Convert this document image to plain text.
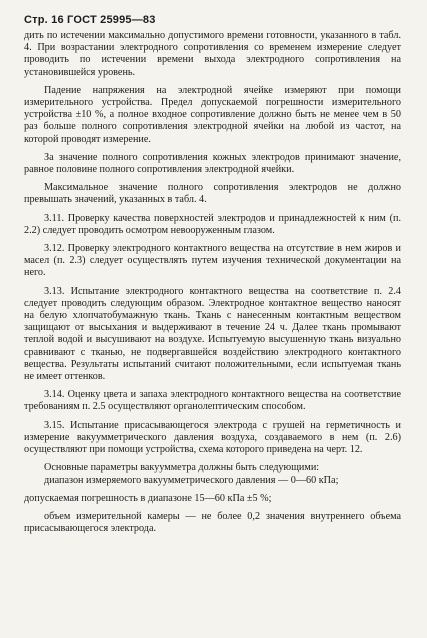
Стр. 16 ГОСТ 25995—83

дить по истечении максимально допустимого времени готовности, указанного в табл. 4. При возрастании электродного сопротивления со временем измерение следует проводить по истечении времени выхода электродного сопротивления на установившейся уровень.

Падение напряжения на электродной ячейке измеряют при помощи измерительного устройства. Предел допускаемой погрешности измерительного устройства ±10 %, а полное входное сопротивление должно быть не менее чем в 50 раз больше полного сопротивления электродной ячейки на любой из частот, на которой проводят измерение.

За значение полного сопротивления кожных электродов принимают значение, равное половине полного сопротивления электродной ячейки.

Максимальное значение полного сопротивления электродов не должно превышать значений, указанных в табл. 4.

3.11. Проверку качества поверхностей электродов и принадлежностей к ним (п. 2.2) следует проводить осмотром невооруженным глазом.

3.12. Проверку электродного контактного вещества на отсутствие в нем жиров и масел (п. 2.3) следует осуществлять путем изучения технической документации на него.

3.13. Испытание электродного контактного вещества на соответствие п. 2.4 следует проводить следующим образом. Электродное контактное вещество наносят на белую хлопчатобумажную ткань. Ткань с нанесенным контактным веществом защищают от высыхания и выдерживают в течение 24 ч. Далее ткань промывают теплой водой и высушивают на воздухе. Испытуемую высушенную ткань визуально сравнивают с тканью, не подвергавшейся воздействию электродного контактного вещества. Результаты испытаний считают положительными, если испытуемая ткань не имеет оттенков.

3.14. Оценку цвета и запаха электродного контактного вещества на соответствие требованиям п. 2.5 осуществляют органолептическим способом.

3.15. Испытание присасывающегося электрода с грушей на герметичность и измерение вакуумметрического давления воздуха, создаваемого в нем (п. 2.6) осуществляют при помощи устройства, схема которого приведена на черт. 12.

Основные параметры вакуумметра должны быть следующими:

диапазон измеряемого вакуумметрического давления — 0—60 кПа;

допускаемая погрешность в диапазоне 15—60 кПа ±5 %;

объем измерительной камеры — не более 0,2 значения внутреннего объема присасывающегося электрода.
